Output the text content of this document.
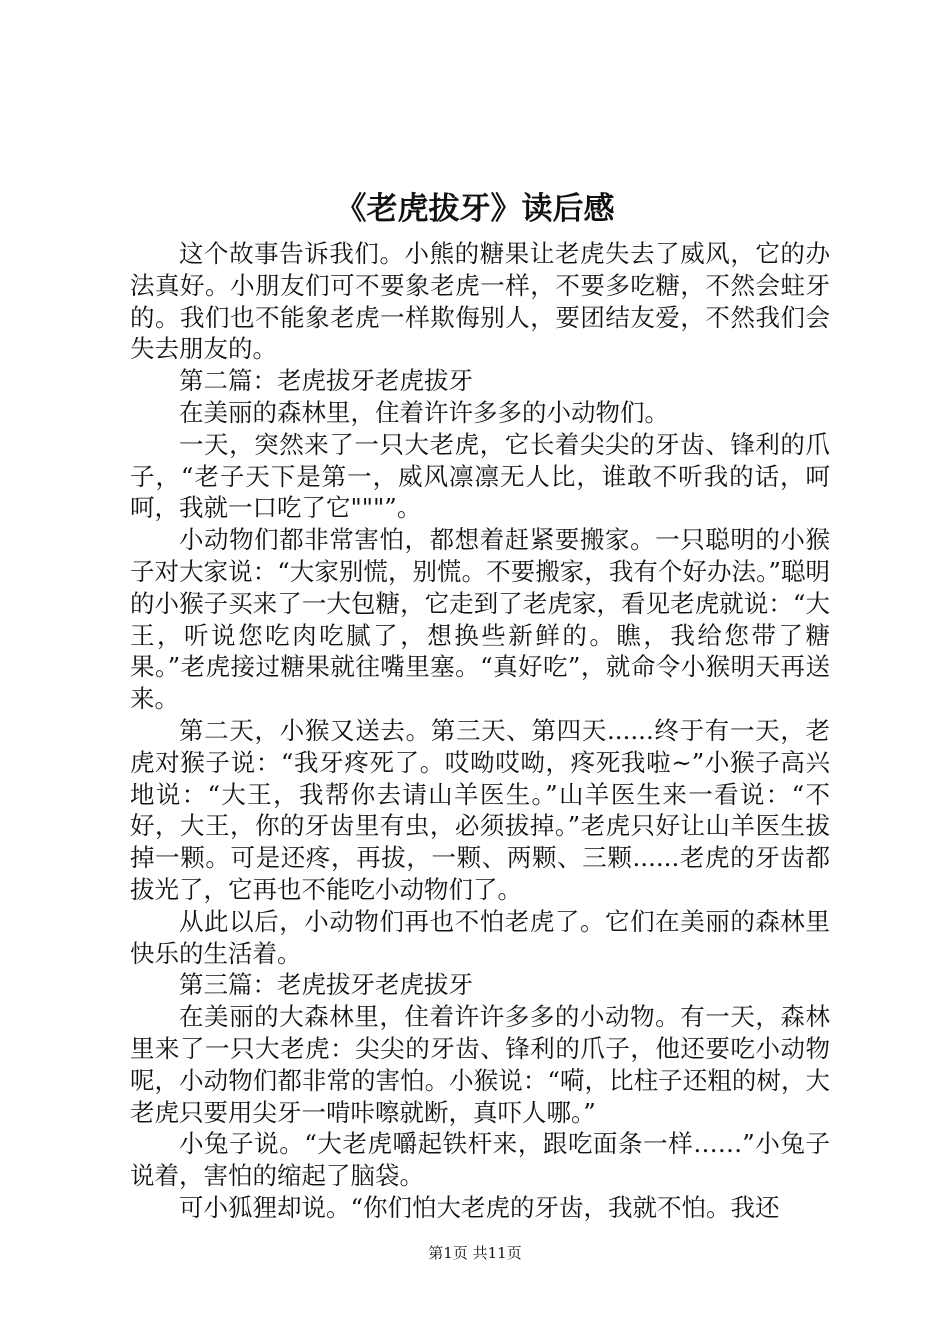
《老虎拔牙》读后感

这个故事告诉我们。小熊的糖果让老虎失去了威风，它的办法真好。小朋友们可不要象老虎一样，不要多吃糖，不然会蛀牙的。我们也不能象老虎一样欺侮别人，要团结友爱，不然我们会失去朋友的。

第二篇：老虎拔牙老虎拔牙

在美丽的森林里，住着许许多多的小动物们。

一天，突然来了一只大老虎，它长着尖尖的牙齿、锋利的爪子，“老子天下是第一，威风凛凛无人比，谁敢不听我的话，呵呵，我就一口吃了它"""”。

小动物们都非常害怕，都想着赶紧要搬家。一只聪明的小猴子对大家说：“大家别慌，别慌。不要搬家，我有个好办法。”聪明的小猴子买来了一大包糖，它走到了老虎家，看见老虎就说：“大王，听说您吃肉吃腻了，想换些新鲜的。瞧，我给您带了糖果。”老虎接过糖果就往嘴里塞。“真好吃”，就命令小猴明天再送来。

第二天，小猴又送去。第三天、第四天......终于有一天，老虎对猴子说：“我牙疼死了。哎呦哎呦，疼死我啦~”小猴子高兴地说：“大王，我帮你去请山羊医生。”山羊医生来一看说：“不好，大王，你的牙齿里有虫，必须拔掉。”老虎只好让山羊医生拔掉一颗。可是还疼，再拔，一颗、两颗、三颗......老虎的牙齿都拔光了，它再也不能吃小动物们了。

从此以后，小动物们再也不怕老虎了。它们在美丽的森林里快乐的生活着。

第三篇：老虎拔牙老虎拔牙

在美丽的大森林里，住着许许多多的小动物。有一天，森林里来了一只大老虎：尖尖的牙齿、锋利的爪子，他还要吃小动物呢，小动物们都非常的害怕。小猴说：“嗬，比柱子还粗的树，大老虎只要用尖牙一啃咔嚓就断，真吓人哪。”

小兔子说。“大老虎嚼起铁杆来，跟吃面条一样……”小兔子说着，害怕的缩起了脑袋。

可小狐狸却说。“你们怕大老虎的牙齿，我就不怕。我还

第1页 共11页
